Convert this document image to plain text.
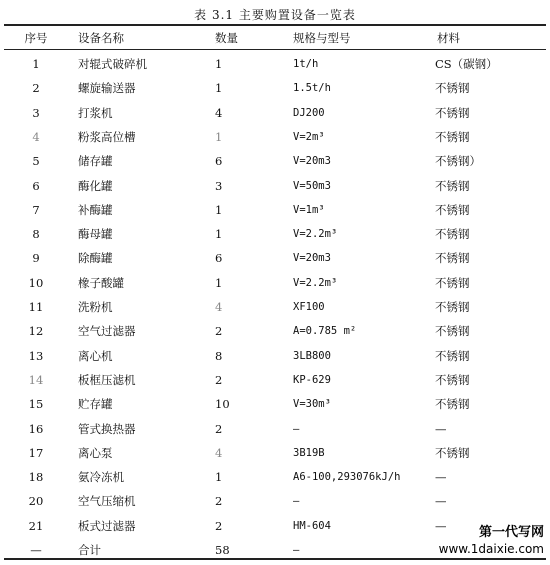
表 3.1 主要购置设备一览表
序号	设备名称	数量	规格与型号	材料
1	对辊式破碎机	1	1t/h	CS（碳钢）
2	螺旋输送器	1	1.5t/h	不锈钢
3	打浆机	4	DJ200	不锈钢
4	粉浆高位槽	1	V=2m³	不锈钢
5	储存罐	6	V=20m3	不锈钢）
6	酶化罐	3	V=50m3	不锈钢
7	补酶罐	1	V=1m³	不锈钢
8	酶母罐	1	V=2.2m³	不锈钢
9	除酶罐	6	V=20m3	不锈钢
10	橡子酸罐	1	V=2.2m³	不锈钢
11	洗粉机	4	XF100	不锈钢
12	空气过滤器	2	A=0.785 m²	不锈钢
13	离心机	8	3LB800	不锈钢
14	板框压滤机	2	KP-629	不锈钢
15	贮存罐	10	V=30m³	不锈钢
16	管式换热器	2	—	—
17	离心泵	4	3B19B	不锈钢
18	氨冷冻机	1	A6-100,293076kJ/h	—
20	空气压缩机	2	—	—
21	板式过滤器	2	HM-604	—
—	合计	58	—
第一代写网
www.1daixie.com
